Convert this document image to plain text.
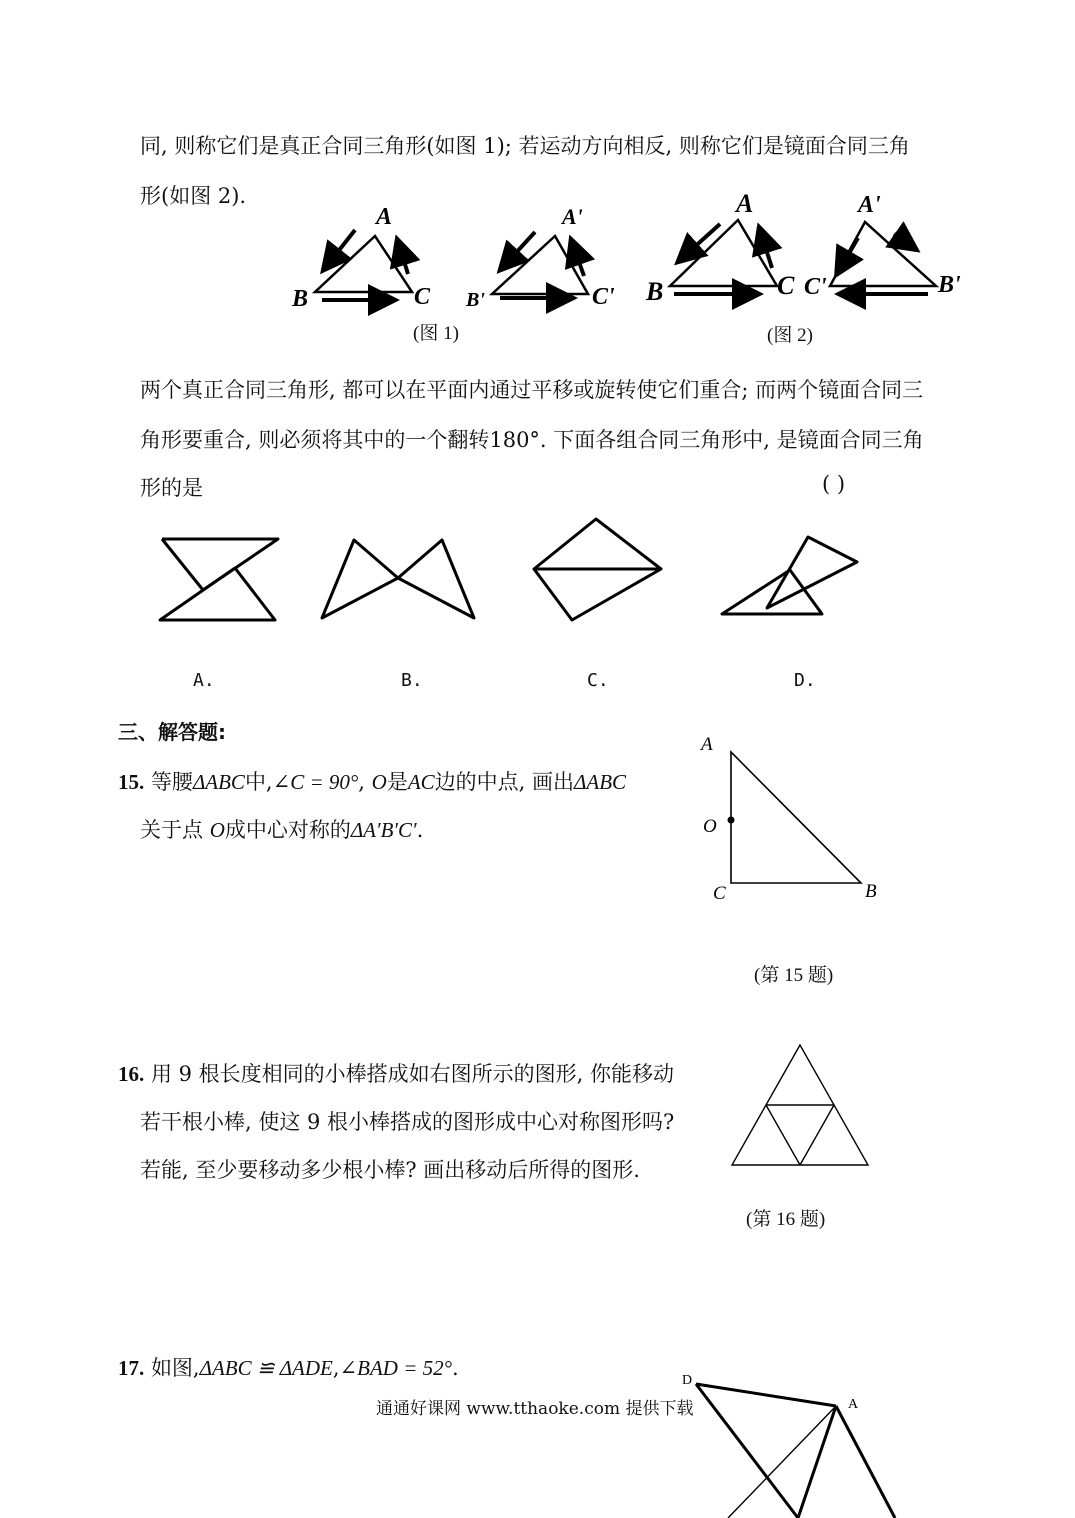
同, 则称它们是真正合同三角形(如图 1); 若运动方向相反, 则称它们是镜面合同三角
形(如图 2).
A
B	C
A'
B'	C'
A
B	C
A'
C'	B'
(图 1)	(图 2)
两个真正合同三角形, 都可以在平面内通过平移或旋转使它们重合; 而两个镜面合同三
角形要重合, 则必须将其中的一个翻转180°. 下面各组合同三角形中, 是镜面合同三角
形的是	( )
A.	B.	C.	D.
三、解答题:
15. 等腰ΔABC中,∠C = 90°, O是AC边的中点, 画出ΔABC
关于点 O成中心对称的ΔA′B′C′.
A
O
C	B
(第 15 题)
16. 用 9 根长度相同的小棒搭成如右图所示的图形, 你能移动
若干根小棒, 使这 9 根小棒搭成的图形成中心对称图形吗?
若能, 至少要移动多少根小棒? 画出移动后所得的图形.
(第 16 题)
17. 如图,ΔABC ≌ ΔADE,∠BAD = 52°.
通通好课网 www.tthaoke.com 提供下载
D
A
